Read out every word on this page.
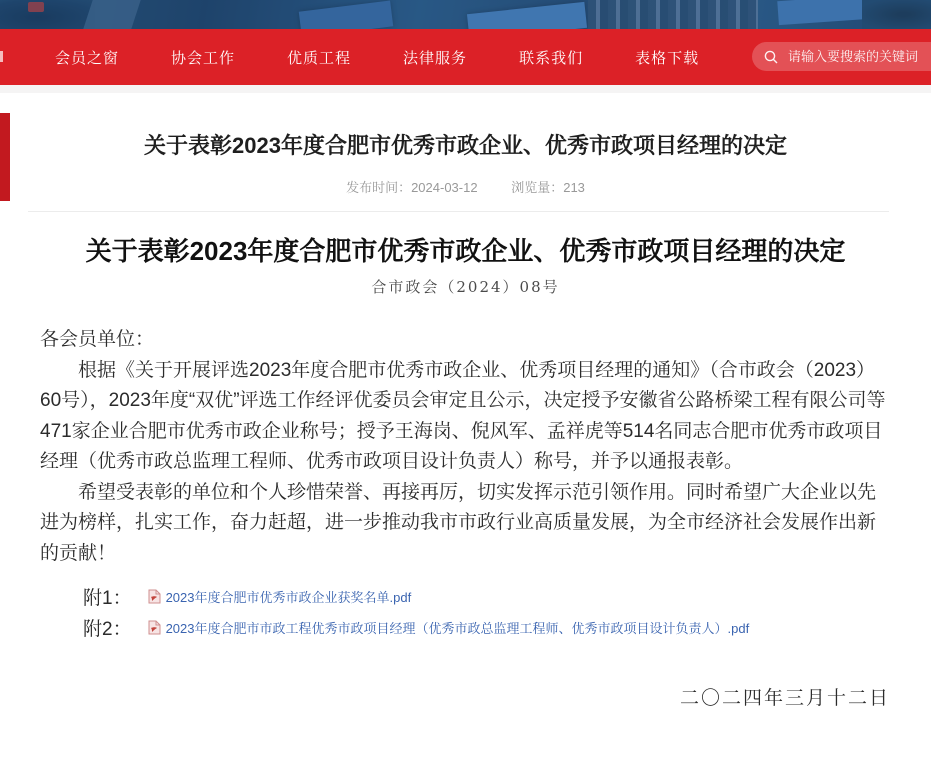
会员之窗	协会工作	优质工程	法律服务	联系我们	表格下载
请输入要搜索的关键词
关于表彰2023年度合肥市优秀市政企业、优秀市政项目经理的决定
发布时间：2024-03-12	浏览量：213
关于表彰2023年度合肥市优秀市政企业、优秀市政项目经理的决定
合市政会（2024）08号

各会员单位：

根据《关于开展评选2023年度合肥市优秀市政企业、优秀项目经理的通知》（合市政会（2023）60号），2023年度“双优”评选工作经评优委员会审定且公示，决定授予安徽省公路桥梁工程有限公司等471家企业合肥市优秀市政企业称号；授予王海岗、倪风军、孟祥虎等514名同志合肥市优秀市政项目经理（优秀市政总监理工程师、优秀市政项目设计负责人）称号，并予以通报表彰。

希望受表彰的单位和个人珍惜荣誉、再接再厉，切实发挥示范引领作用。同时希望广大企业以先进为榜样，扎实工作，奋力赶超，进一步推动我市市政行业高质量发展，为全市经济社会发展作出新的贡献！

附1：	2023年度合肥市优秀市政企业获奖名单.pdf
附2：	2023年度合肥市市政工程优秀市政项目经理（优秀市政总监理工程师、优秀市政项目设计负责人）.pdf
二〇二四年三月十二日
